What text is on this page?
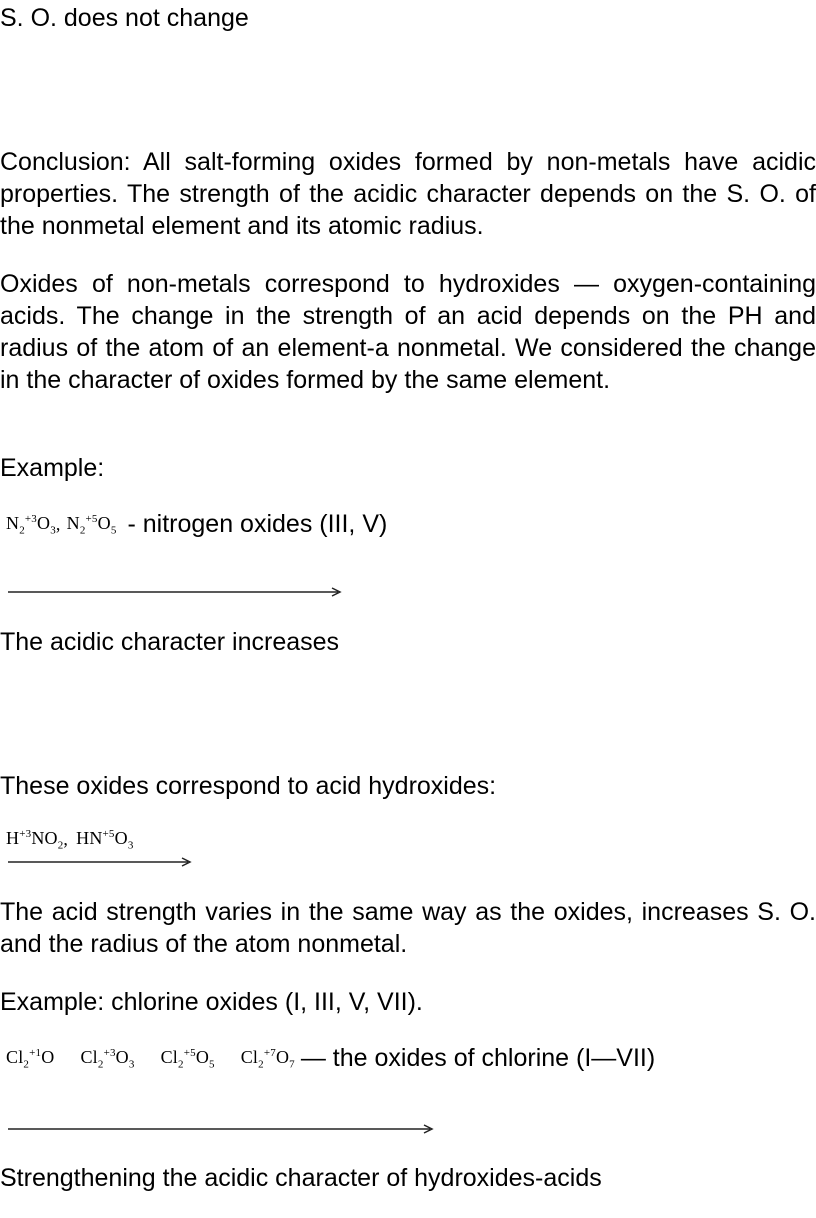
S. O. does not change
Conclusion: All salt-forming oxides formed by non-metals have acidic properties. The strength of the acidic character depends on the S. O. of the nonmetal element and its atomic radius.
Oxides of non-metals correspond to hydroxides — oxygen-containing acids. The change in the strength of an acid depends on the PH and radius of the atom of an element-a nonmetal. We considered the change in the character of oxides formed by the same element.
Example:
$N_2^{+3}O_3$ , $N_2^{+5}O_5$ - nitrogen oxides (III, V)
The acidic character increases
These oxides correspond to acid hydroxides:
$H^{+3}NO_2$ , $HN^{+5}O_3$
The acid strength varies in the same way as the oxides, increases S. O. and the radius of the atom nonmetal.
Example: chlorine oxides (I, III, V, VII).
$Cl_2^{+1}O$ $Cl_2^{+3}O_3$ $Cl_2^{+5}O_5$ $Cl_2^{+7}O_7$ — the oxides of chlorine (I—VII)
Strengthening the acidic character of hydroxides-acids
